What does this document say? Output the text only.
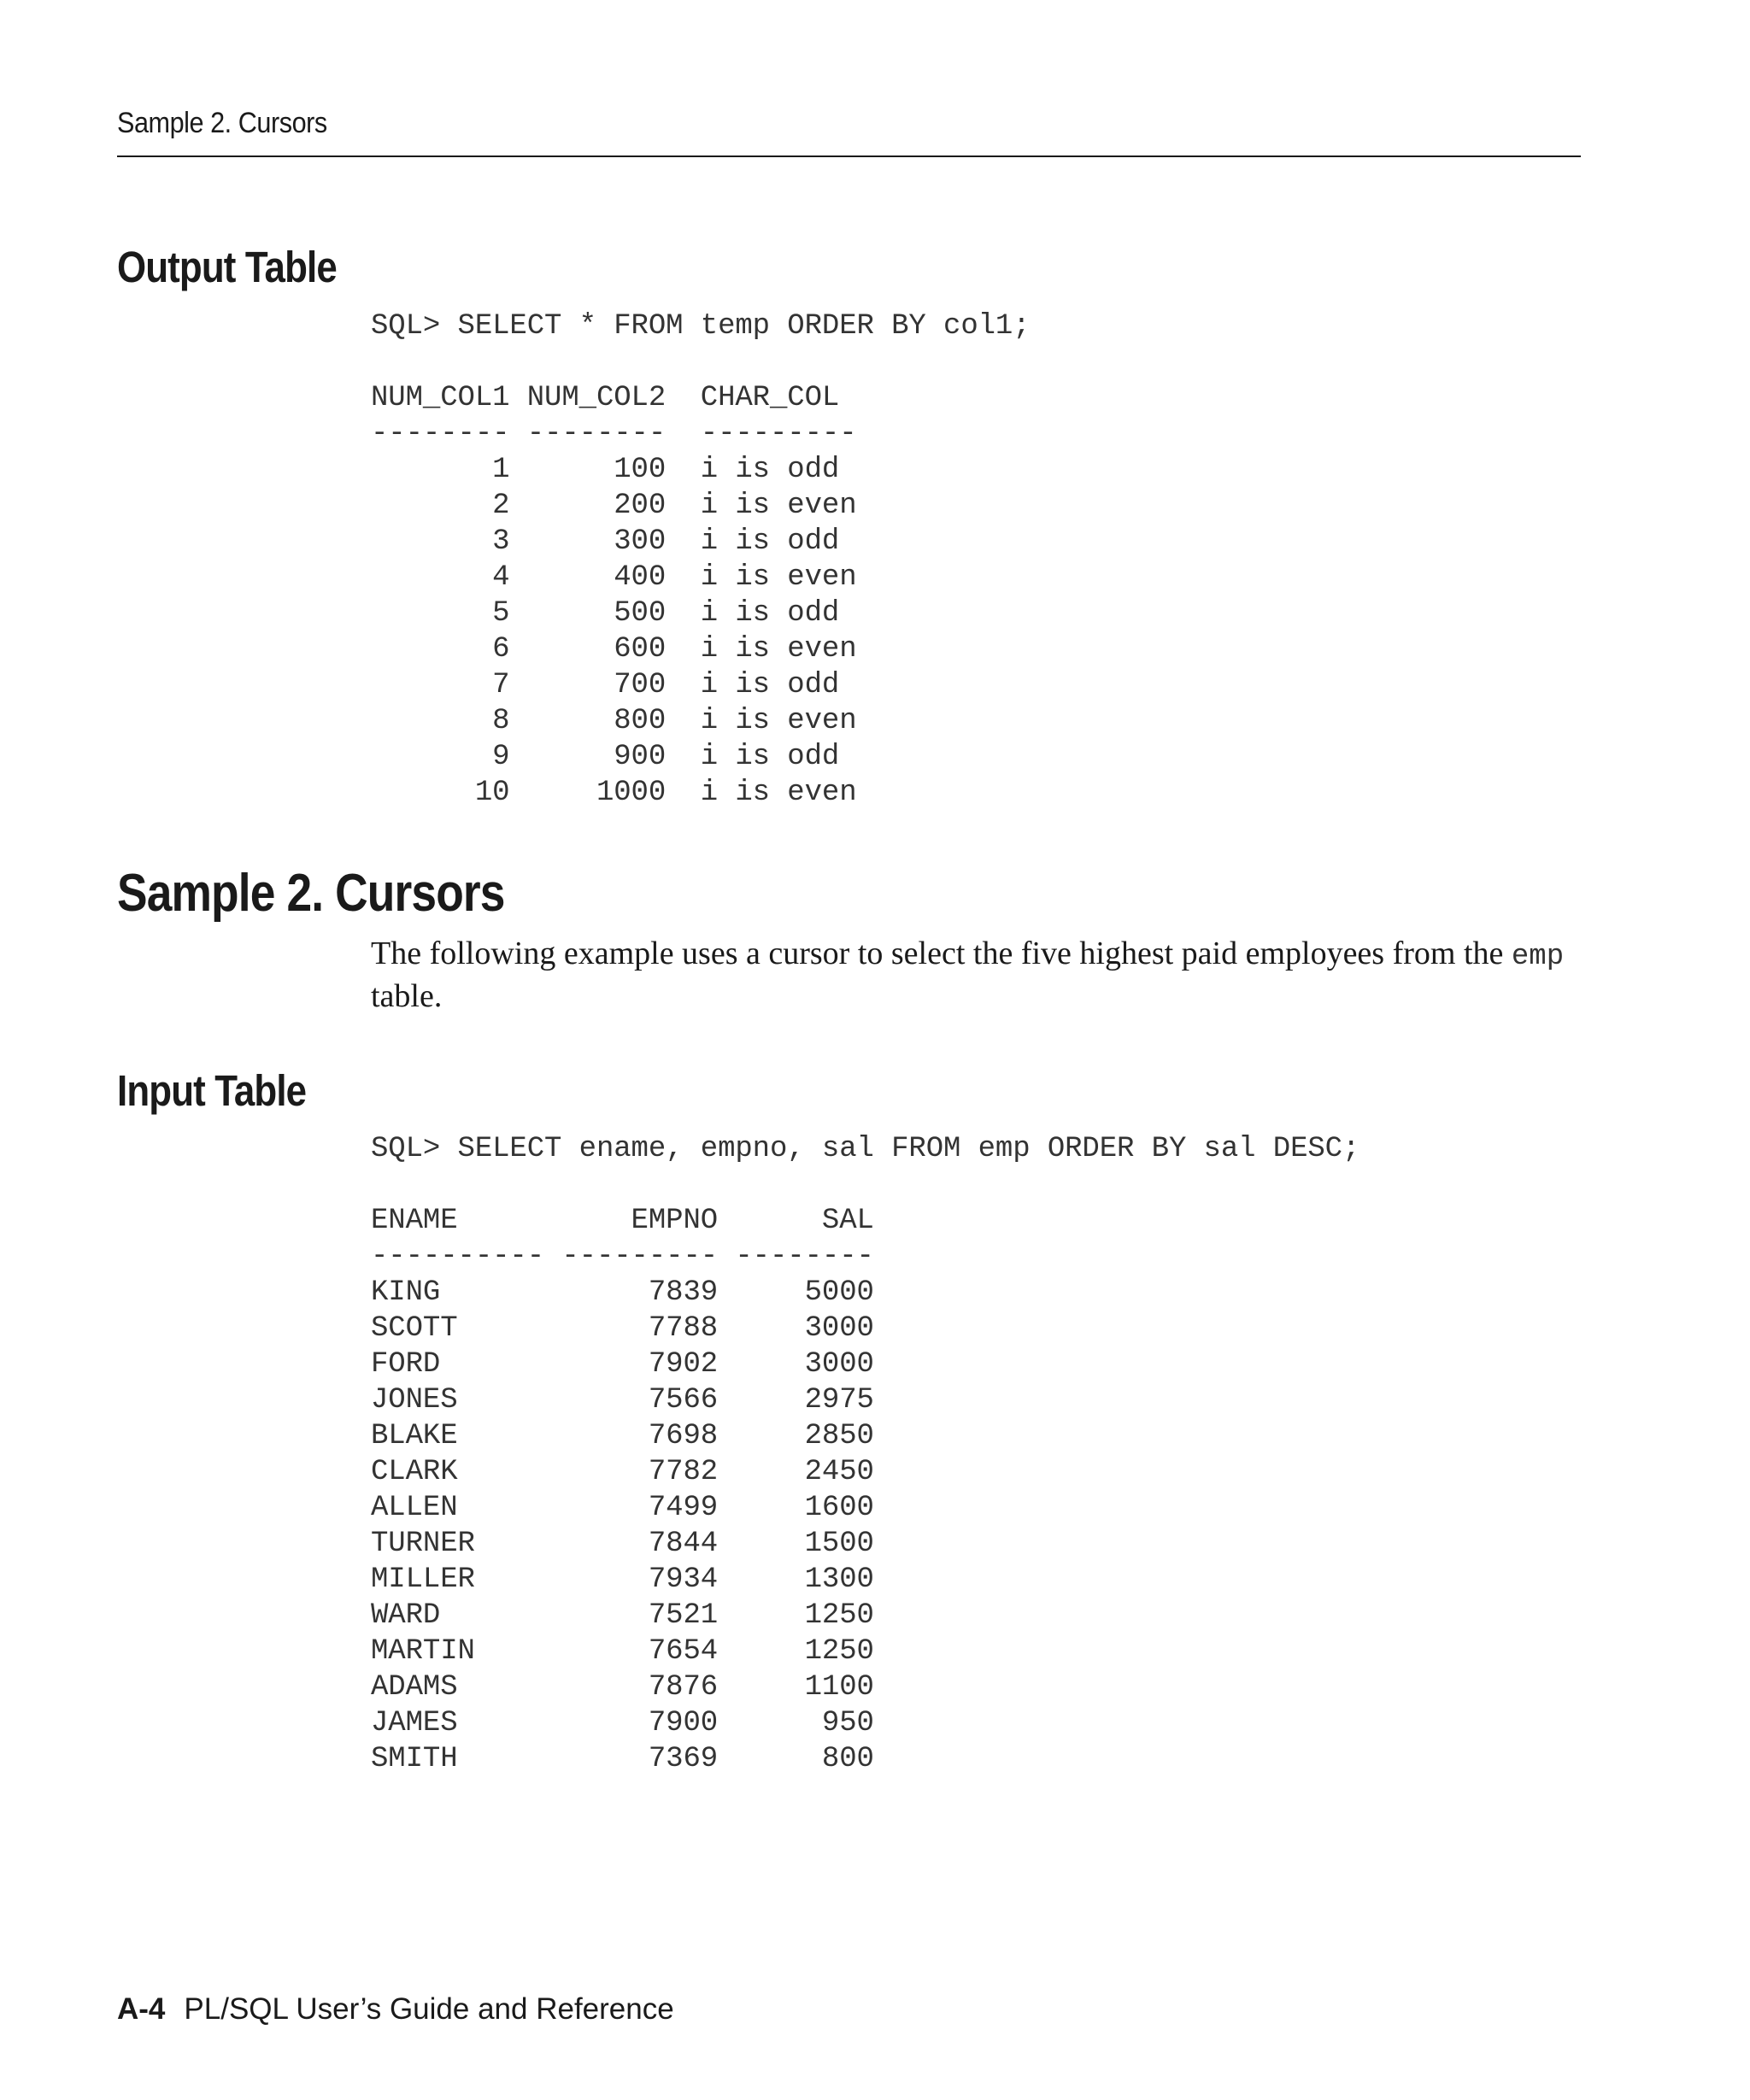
Sample 2. Cursors
Output Table
SQL> SELECT * FROM temp ORDER BY col1;

NUM_COL1 NUM_COL2  CHAR_COL
-------- --------  ---------
1      100  i is odd
2      200  i is even
3      300  i is odd
4      400  i is even
5      500  i is odd
6      600  i is even
7      700  i is odd
8      800  i is even
9      900  i is odd
10     1000  i is even
Sample 2. Cursors

The following example uses a cursor to select the five highest paid employees from the emp table.

Input Table
SQL> SELECT ename, empno, sal FROM emp ORDER BY sal DESC;

ENAME          EMPNO      SAL
---------- --------- --------
KING            7839     5000
SCOTT           7788     3000
FORD            7902     3000
JONES           7566     2975
BLAKE           7698     2850
CLARK           7782     2450
ALLEN           7499     1600
TURNER          7844     1500
MILLER          7934     1300
WARD            7521     1250
MARTIN          7654     1250
ADAMS           7876     1100
JAMES           7900      950
SMITH           7369      800
A-4 PL/SQL User’s Guide and Reference
